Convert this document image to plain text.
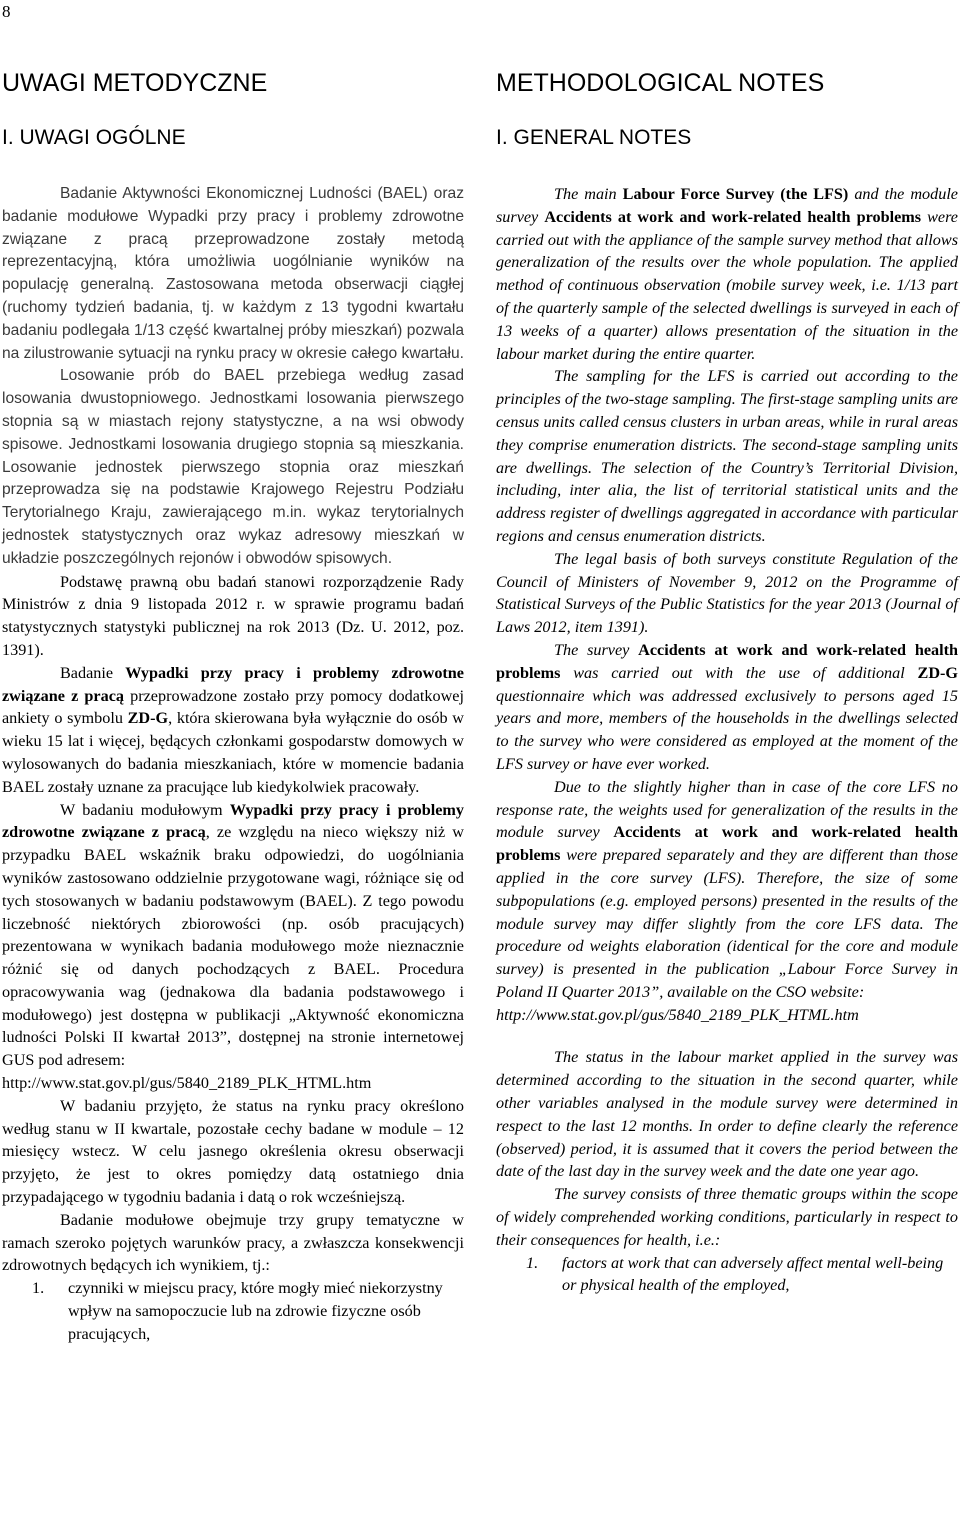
8
UWAGI METODYCZNE
I. UWAGI OGÓLNE

Badanie Aktywności Ekonomicznej Ludności (BAEL) oraz badanie modułowe Wypadki przy pracy i problemy zdrowotne związane z pracą przeprowadzone zostały metodą reprezentacyjną, która umożliwia uogólnianie wyników na populację generalną. Zastosowana metoda obserwacji ciągłej (ruchomy tydzień badania, tj. w każdym z 13 tygodni kwartału badaniu podlegała 1/13 część kwartalnej próby mieszkań) pozwala na zilustrowanie sytuacji na rynku pracy w okresie całego kwartału.

Losowanie prób do BAEL przebiega według zasad losowania dwustopniowego. Jednostkami losowania pierwszego stopnia są w miastach rejony statystyczne, a na wsi obwody spisowe. Jednostkami losowania drugiego stopnia są mieszkania. Losowanie jednostek pierwszego stopnia oraz mieszkań przeprowadza się na podstawie Krajowego Rejestru Podziału Terytorialnego Kraju, zawierającego m.in. wykaz terytorialnych jednostek statystycznych oraz wykaz adresowy mieszkań w układzie poszczególnych rejonów i obwodów spisowych.

Podstawę prawną obu badań stanowi rozporządzenie Rady Ministrów z dnia 9 listopada 2012 r. w sprawie programu badań statystycznych statystyki publicznej na rok 2013 (Dz. U. 2012, poz. 1391).

Badanie Wypadki przy pracy i problemy zdrowotne związane z pracą przeprowadzone zostało przy pomocy dodatkowej ankiety o symbolu ZD-G, która skierowana była wyłącznie do osób w wieku 15 lat i więcej, będących członkami gospodarstw domowych w wylosowanych do badania mieszkaniach, które w momencie badania BAEL zostały uznane za pracujące lub kiedykolwiek pracowały.

W badaniu modułowym Wypadki przy pracy i problemy zdrowotne związane z pracą, ze względu na nieco większy niż w przypadku BAEL wskaźnik braku odpowiedzi, do uogólniania wyników zastosowano oddzielnie przygotowane wagi, różniące się od tych stosowanych w badaniu podstawowym (BAEL). Z tego powodu liczebność niektórych zbiorowości (np. osób pracujących) prezentowana w wynikach badania modułowego może nieznacznie różnić się od danych pochodzących z BAEL. Procedura opracowywania wag (jednakowa dla badania podstawowego i modułowego) jest dostępna w publikacji „Aktywność ekonomiczna ludności Polski II kwartał 2013”, dostępnej na stronie internetowej GUS pod adresem:

http://www.stat.gov.pl/gus/5840_2189_PLK_HTML.htm

W badaniu przyjęto, że status na rynku pracy określono według stanu w II kwartale, pozostałe cechy badane w module – 12 miesięcy wstecz. W celu jasnego określenia okresu obserwacji przyjęto, że jest to okres pomiędzy datą ostatniego dnia przypadającego w tygodniu badania i datą o rok wcześniejszą.

Badanie modułowe obejmuje trzy grupy tematyczne w ramach szeroko pojętych warunków pracy, a zwłaszcza konsekwencji zdrowotnych będących ich wynikiem, tj.:

1.	czynniki w miejscu pracy, które mogły mieć niekorzystny wpływ na samopoczucie lub na zdrowie fizyczne osób pracujących,

METHODOLOGICAL NOTES
I. GENERAL NOTES

The main Labour Force Survey (the LFS) and the module survey Accidents at work and work-related health problems were carried out with the appliance of the sample survey method that allows generalization of the results over the whole population. The applied method of continuous observation (mobile survey week, i.e. 1/13 part of the quarterly sample of the selected dwellings is surveyed in each of 13 weeks of a quarter) allows presentation of the situation in the labour market during the entire quarter.

The sampling for the LFS is carried out according to the principles of the two-stage sampling. The first-stage sampling units are census units called census clusters in urban areas, while in rural areas they comprise enumeration districts. The second-stage sampling units are dwellings. The selection of the Country’s Territorial Division, including, inter alia, the list of territorial statistical units and the address register of dwellings aggregated in accordance with particular regions and census enumeration districts.

The legal basis of both surveys constitute Regulation of the Council of Ministers of November 9, 2012 on the Programme of Statistical Surveys of the Public Statistics for the year 2013 (Journal of Laws 2012, item 1391).

The survey Accidents at work and work-related health problems was carried out with the use of additional ZD-G questionnaire which was addressed exclusively to persons aged 15 years and more, members of the households in the dwellings selected to the survey who were considered as employed at the moment of the LFS survey or have ever worked.

Due to the slightly higher than in case of the core LFS no response rate, the weights used for generalization of the results in the module survey Accidents at work and work-related health problems were prepared separately and they are different than those applied in the core survey (LFS). Therefore, the size of some subpopulations (e.g. employed persons) presented in the results of the module survey may differ slightly from the core LFS data. The procedure od weights elaboration (identical for the core and module survey) is presented in the publication „Labour Force Survey in Poland II Quarter 2013”, available on the CSO website:

http://www.stat.gov.pl/gus/5840_2189_PLK_HTML.htm

The status in the labour market applied in the survey was determined according to the situation in the second quarter, while other variables analysed in the module survey were determined in respect to the last 12 months. In order to define clearly the reference (observed) period, it is assumed that it covers the period between the date of the last day in the survey week and the date one year ago.

The survey consists of three thematic groups within the scope of widely comprehended working conditions, particularly in respect to their consequences for health, i.e.:

1.	factors at work that can adversely affect mental well-being or physical health of the employed,
